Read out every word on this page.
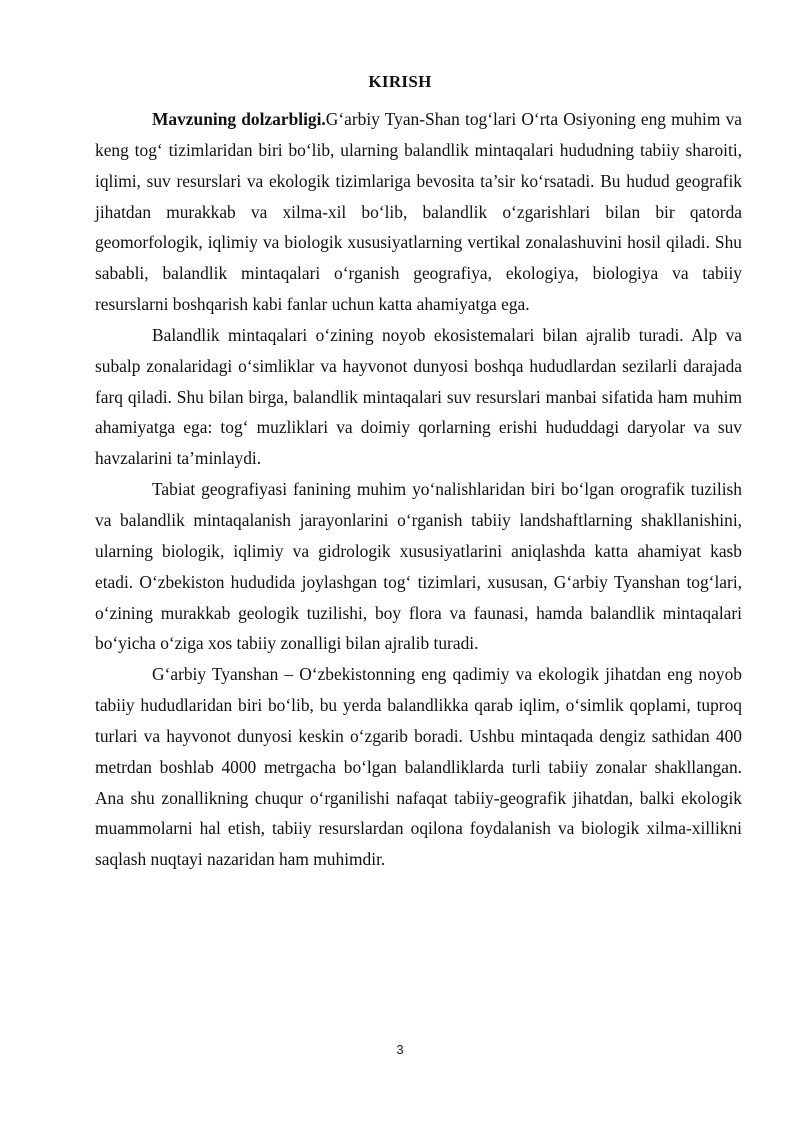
KIRISH

Mavzuning dolzarbligi.G‘arbiy Tyan-Shan tog‘lari O‘rta Osiyoning eng muhim va keng tog‘ tizimlaridan biri bo‘lib, ularning balandlik mintaqalari hududning tabiiy sharoiti, iqlimi, suv resurslari va ekologik tizimlariga bevosita ta’sir ko‘rsatadi. Bu hudud geografik jihatdan murakkab va xilma-xil bo‘lib, balandlik o‘zgarishlari bilan bir qatorda geomorfologik, iqlimiy va biologik xususiyatlarning vertikal zonalashuvini hosil qiladi. Shu sababli, balandlik mintaqalari o‘rganish geografiya, ekologiya, biologiya va tabiiy resurslarni boshqarish kabi fanlar uchun katta ahamiyatga ega.

Balandlik mintaqalari o‘zining noyob ekosistemalari bilan ajralib turadi. Alp va subalp zonalaridagi o‘simliklar va hayvonot dunyosi boshqa hududlardan sezilarli darajada farq qiladi. Shu bilan birga, balandlik mintaqalari suv resurslari manbai sifatida ham muhim ahamiyatga ega: tog‘ muzliklari va doimiy qorlarning erishi hududdagi daryolar va suv havzalarini ta’minlaydi.

Tabiat geografiyasi fanining muhim yo‘nalishlaridan biri bo‘lgan orografik tuzilish va balandlik mintaqalanish jarayonlarini o‘rganish tabiiy landshaftlarning shakllanishini, ularning biologik, iqlimiy va gidrologik xususiyatlarini aniqlashda katta ahamiyat kasb etadi. O‘zbekiston hududida joylashgan tog‘ tizimlari, xususan, G‘arbiy Tyanshan tog‘lari, o‘zining murakkab geologik tuzilishi, boy flora va faunasi, hamda balandlik mintaqalari bo‘yicha o‘ziga xos tabiiy zonalligi bilan ajralib turadi.

G‘arbiy Tyanshan – O‘zbekistonning eng qadimiy va ekologik jihatdan eng noyob tabiiy hududlaridan biri bo‘lib, bu yerda balandlikka qarab iqlim, o‘simlik qoplami, tuproq turlari va hayvonot dunyosi keskin o‘zgarib boradi. Ushbu mintaqada dengiz sathidan 400 metrdan boshlab 4000 metrgacha bo‘lgan balandliklarda turli tabiiy zonalar shakllangan. Ana shu zonallikning chuqur o‘rganilishi nafaqat tabiiy-geografik jihatdan, balki ekologik muammolarni hal etish, tabiiy resurslardan oqilona foydalanish va biologik xilma-xillikni saqlash nuqtayi nazaridan ham muhimdir.

3
